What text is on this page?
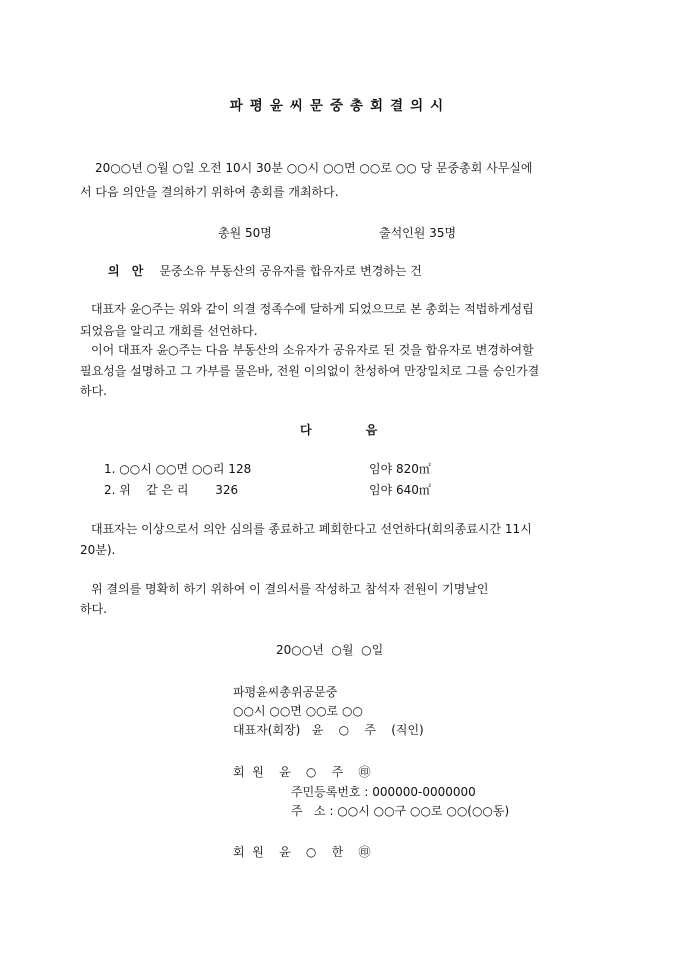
파평윤씨문중총회결의시
20○○년 ○월 ○일 오전 10시 30분 ○○시 ○○면 ○○로 ○○ 당 문중총회 사무실에
서 다음 의안을 결의하기 위하여 총회를 개최하다.
총원 50명	출석인원 35명
의 안 문중소유 부동산의 공유자를 합유자로 변경하는 건
대표자 윤○주는 위와 같이 의결 정족수에 달하게 되었으므로 본 총회는 적법하게성립
되었음을 알리고 개회를 선언하다.
이어 대표자 윤○주는 다음 부동산의 소유자가 공유자로 된 것을 합유자로 변경하여할
필요성을 설명하고 그 가부를 물은바, 전원 이의없이 찬성하여 만장일치로 그를 승인가결
하다.
다	음
1. ○○시 ○○면 ○○리 128	임야 820㎡
2. 위    같 은 리       326	임야 640㎡
대표자는 이상으로서 의안 심의를 종료하고 폐회한다고 선언하다(회의종료시간 11시
20분).
위 결의를 명확히 하기 위하여 이 결의서를 작성하고 참석자 전원이 기명날인
하다.
20○○년  ○월  ○일
파평윤씨총위공문중
○○시 ○○면 ○○로 ○○
대표자(회장)   윤    ○    주    (직인)
회  원    윤    ○    주    ㊞
주민등록번호 : 000000-0000000
주   소 : ○○시 ○○구 ○○로 ○○(○○동)
회  원    윤    ○    한    ㊞
